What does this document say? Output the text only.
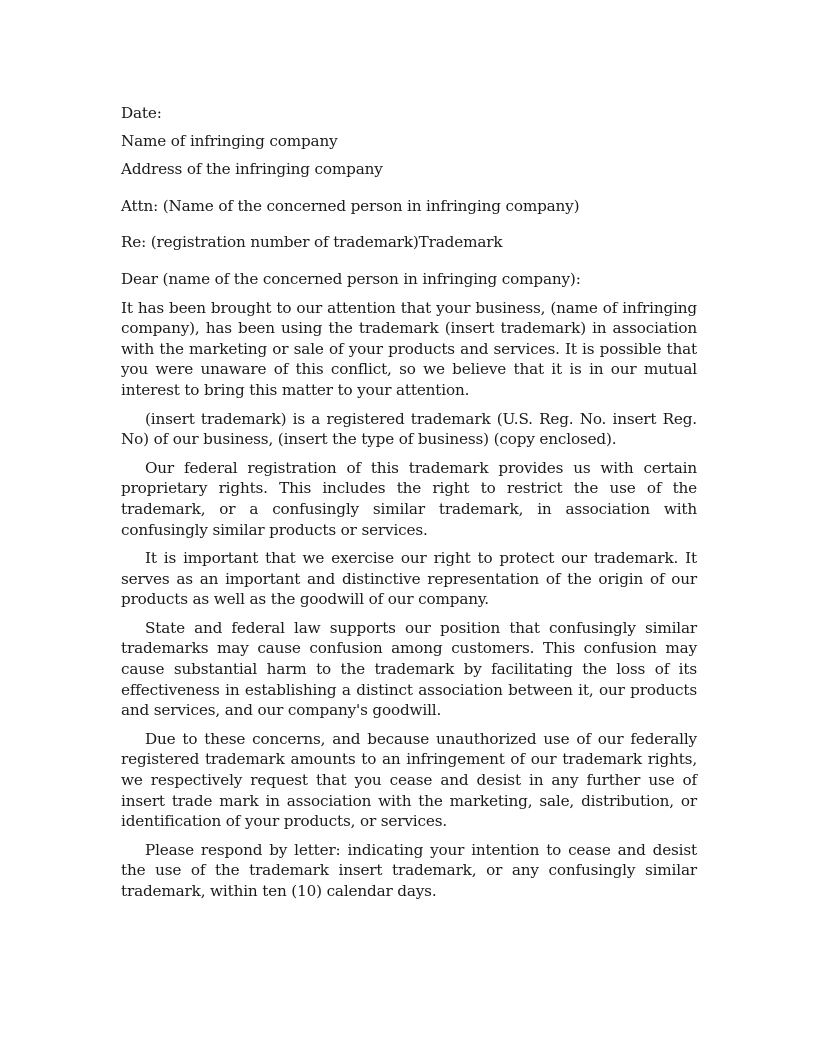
Date:
Name of infringing company
Address of the infringing company
Attn: (Name of the concerned person in infringing company)
Re: (registration number of trademark)Trademark
Dear (name of the concerned person in infringing company):

It has been brought to our attention that your business, (name of infringing company), has been using the trademark (insert trademark) in association with the marketing or sale of your products and services. It is possible that you were unaware of this conflict, so we believe that it is in our mutual interest to bring this matter to your attention.

(insert trademark) is a registered trademark (U.S. Reg. No. insert Reg. No) of our business, (insert the type of business) (copy enclosed).

Our federal registration of this trademark provides us with certain proprietary rights. This includes the right to restrict the use of the trademark, or a confusingly similar trademark, in association with confusingly similar products or services.

It is important that we exercise our right to protect our trademark. It serves as an important and distinctive representation of the origin of our products as well as the goodwill of our company.

State and federal law supports our position that confusingly similar trademarks may cause confusion among customers. This confusion may cause substantial harm to the trademark by facilitating the loss of its effectiveness in establishing a distinct association between it, our products and services, and our company's goodwill.

Due to these concerns, and because unauthorized use of our federally registered trademark amounts to an infringement of our trademark rights, we respectively request that you cease and desist in any further use of insert trade mark in association with the marketing, sale, distribution, or identification of your products, or services.

Please respond by letter: indicating your intention to cease and desist the use of the trademark insert trademark, or any confusingly similar trademark, within ten (10) calendar days.
